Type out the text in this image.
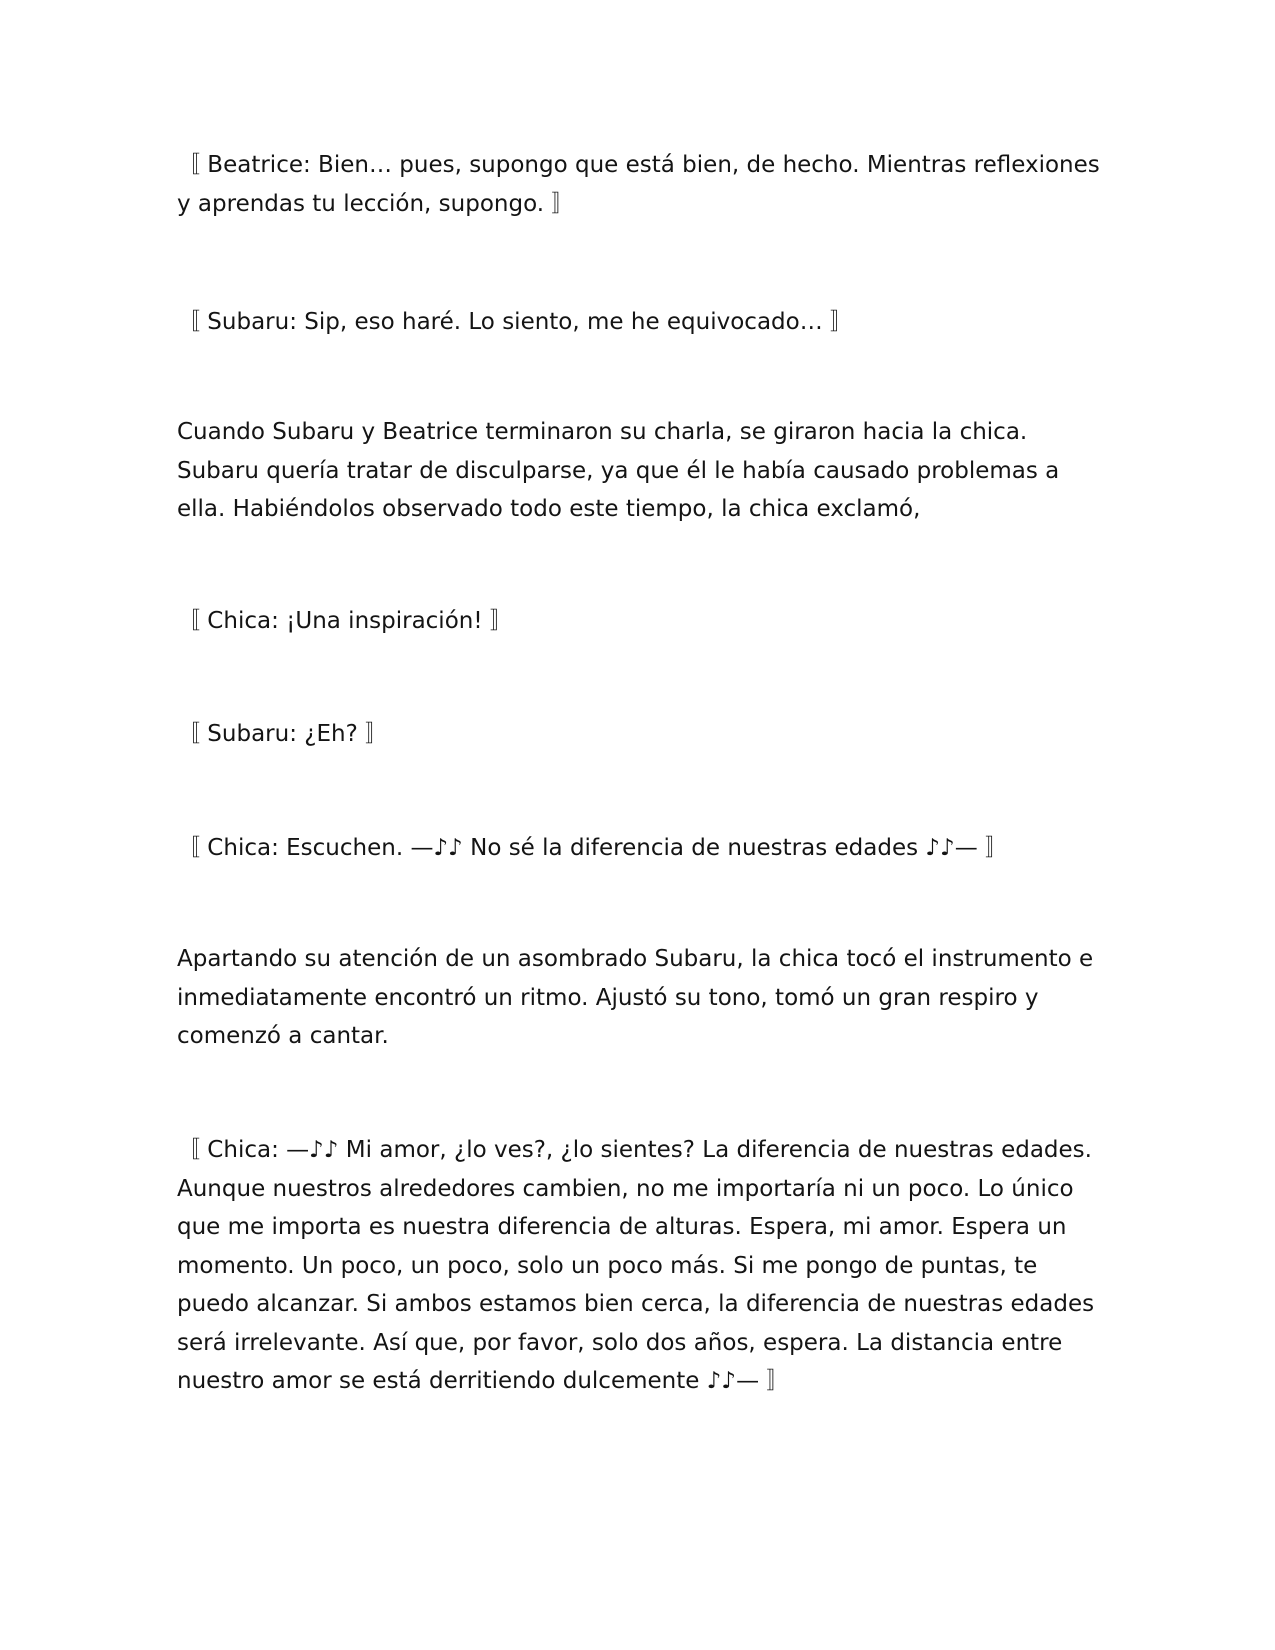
〚 Beatrice: Bien… pues, supongo que está bien, de hecho. Mientras reflexiones y aprendas tu lección, supongo. 〛

〚 Subaru: Sip, eso haré. Lo siento, me he equivocado… 〛

Cuando Subaru y Beatrice terminaron su charla, se giraron hacia la chica. Subaru quería tratar de disculparse, ya que él le había causado problemas a ella. Habiéndolos observado todo este tiempo, la chica exclamó,

〚 Chica: ¡Una inspiración! 〛

〚 Subaru: ¿Eh? 〛

〚 Chica: Escuchen. —♪♪ No sé la diferencia de nuestras edades ♪♪— 〛

Apartando su atención de un asombrado Subaru, la chica tocó el instrumento e inmediatamente encontró un ritmo. Ajustó su tono, tomó un gran respiro y comenzó a cantar.

〚 Chica: —♪♪ Mi amor, ¿lo ves?, ¿lo sientes? La diferencia de nuestras edades. Aunque nuestros alrededores cambien, no me importaría ni un poco. Lo único que me importa es nuestra diferencia de alturas. Espera, mi amor. Espera un momento. Un poco, un poco, solo un poco más. Si me pongo de puntas, te puedo alcanzar. Si ambos estamos bien cerca, la diferencia de nuestras edades será irrelevante. Así que, por favor, solo dos años, espera. La distancia entre nuestro amor se está derritiendo dulcemente ♪♪— 〛
